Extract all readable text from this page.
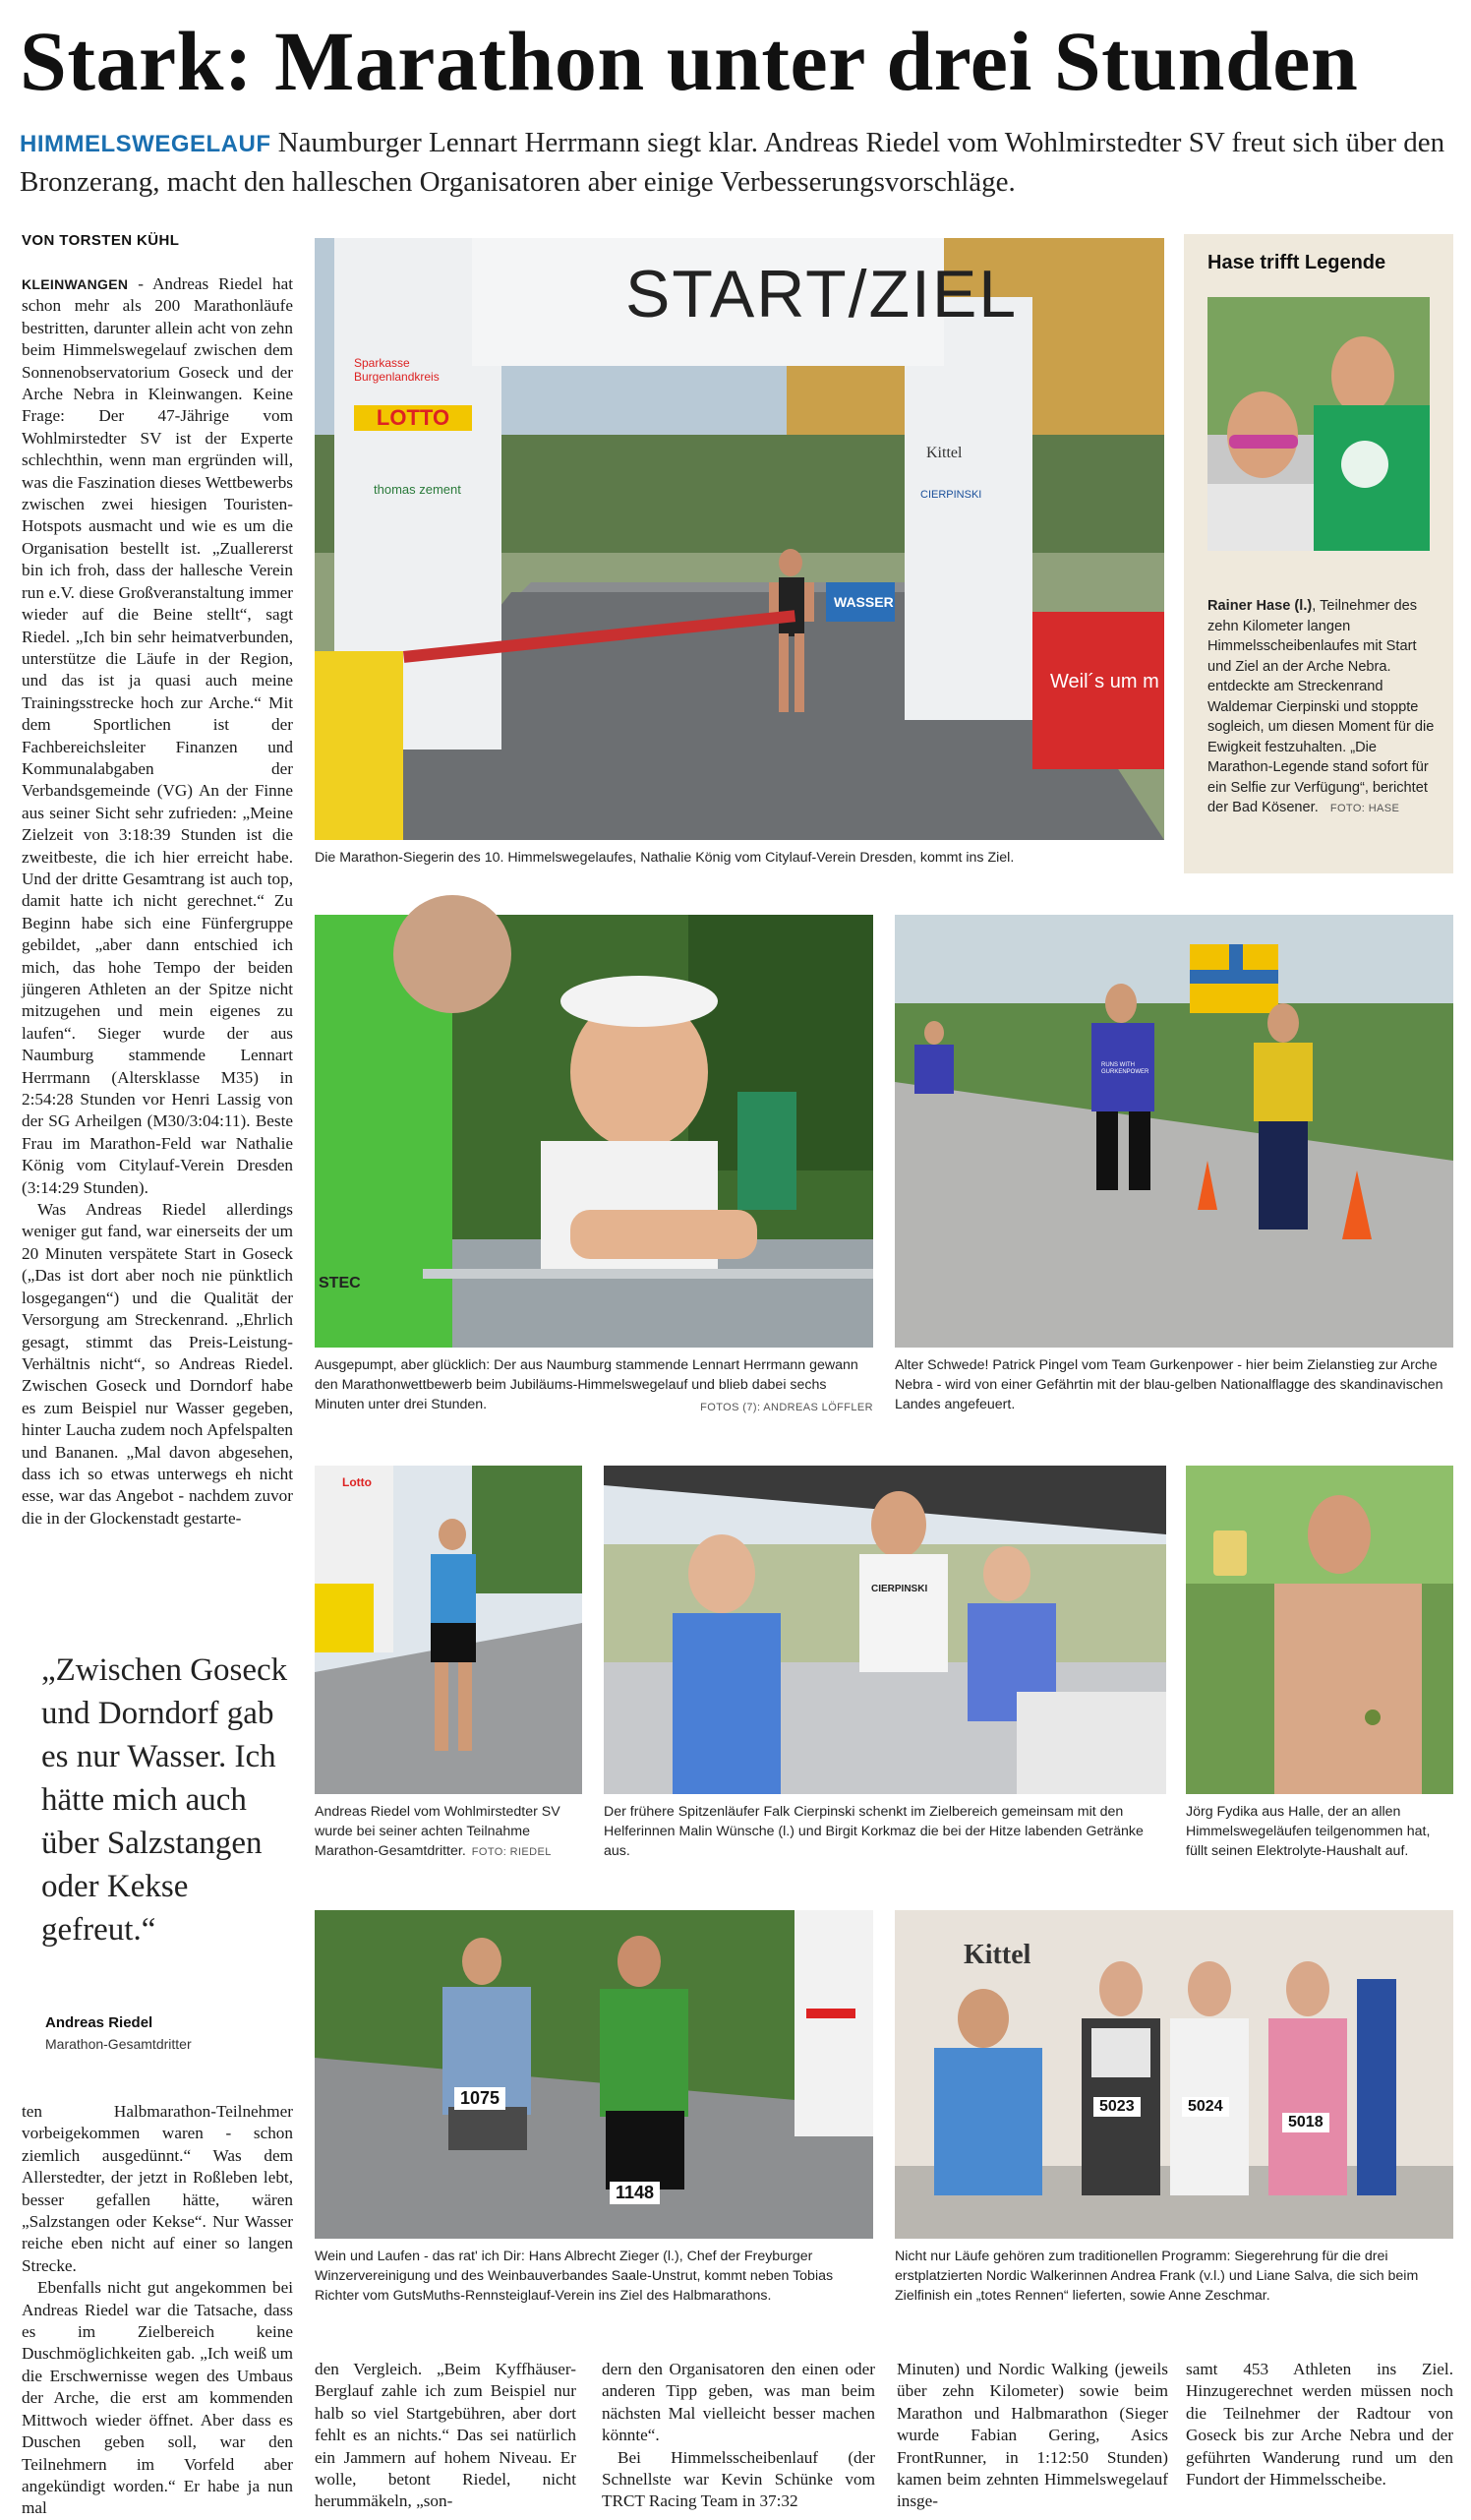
Stark: Marathon unter drei Stunden
HIMMELSWEGELAUF Naumburger Lennart Herrmann siegt klar. Andreas Riedel vom Wohlmirstedter SV freut sich über den Bronzerang, macht den halleschen Organisatoren aber einige Verbesserungsvorschläge.
VON TORSTEN KÜHL

KLEINWANGEN - Andreas Riedel hat schon mehr als 200 Marathonläufe bestritten, darunter allein acht von zehn beim Himmelswegelauf zwischen dem Sonnenobservatorium Goseck und der Arche Nebra in Kleinwangen. Keine Frage: Der 47-Jährige vom Wohlmirstedter SV ist der Experte schlechthin, wenn man ergründen will, was die Faszination dieses Wettbewerbs zwischen zwei hiesigen Touristen-Hotspots ausmacht und wie es um die Organisation bestellt ist. „Zuallererst bin ich froh, dass der hallesche Verein run e.V. diese Großveranstaltung immer wieder auf die Beine stellt“, sagt Riedel. „Ich bin sehr heimatverbunden, unterstütze die Läufe in der Region, und das ist ja quasi auch meine Trainingsstrecke hoch zur Arche.“ Mit dem Sportlichen ist der Fachbereichsleiter Finanzen und Kommunalabgaben der Verbandsgemeinde (VG) An der Finne aus seiner Sicht sehr zufrieden: „Meine Zielzeit von 3:18:39 Stunden ist die zweitbeste, die ich hier erreicht habe. Und der dritte Gesamtrang ist auch top, damit hatte ich nicht gerechnet.“ Zu Beginn habe sich eine Fünfergruppe gebildet, „aber dann entschied ich mich, das hohe Tempo der beiden jüngeren Athleten an der Spitze nicht mitzugehen und mein eigenes zu laufen“. Sieger wurde der aus Naumburg stammende Lennart Herrmann (Altersklasse M35) in 2:54:28 Stunden vor Henri Lassig von der SG Arheilgen (M30/3:04:11). Beste Frau im Marathon-Feld war Nathalie König vom Citylauf-Verein Dresden (3:14:29 Stunden).

Was Andreas Riedel allerdings weniger gut fand, war einerseits der um 20 Minuten verspätete Start in Goseck („Das ist dort aber noch nie pünktlich losgegangen“) und die Qualität der Versorgung am Streckenrand. „Ehrlich gesagt, stimmt das Preis-Leistung-Verhältnis nicht“, so Andreas Riedel. Zwischen Goseck und Dorndorf habe es zum Beispiel nur Wasser gegeben, hinter Laucha zudem noch Apfelspalten und Bananen. „Mal davon abgesehen, dass ich so etwas unterwegs eh nicht esse, war das Angebot - nachdem zuvor die in der Glockenstadt gestarte-

„Zwischen Goseck und Dorndorf gab es nur Wasser. Ich hätte mich auch über Salzstangen oder Kekse gefreut.“
Andreas Riedel
Marathon-Gesamtdritter

ten Halbmarathon-Teilnehmer vorbeigekommen waren - schon ziemlich ausgedünnt.“ Was dem Allerstedter, der jetzt in Roßleben lebt, besser gefallen hätte, wären „Salzstangen oder Kekse“. Nur Wasser reiche eben nicht auf einer so langen Strecke.

Ebenfalls nicht gut angekommen bei Andreas Riedel war die Tatsache, dass es im Zielbereich keine Duschmöglichkeiten gab. „Ich weiß um die Erschwernisse wegen des Umbaus der Arche, die erst am kommenden Mittwoch wieder öffnet. Aber dass es Duschen geben soll, war den Teilnehmern im Vorfeld aber angekündigt worden.“ Er habe ja nun mal

den Vergleich. „Beim Kyffhäuser-Berglauf zahle ich zum Beispiel nur halb so viel Startgebühren, aber dort fehlt es an nichts.“ Das sei natürlich ein Jammern auf hohem Niveau. Er wolle, betont Riedel, nicht herummäkeln, „son-

dern den Organisatoren den einen oder anderen Tipp geben, was man beim nächsten Mal vielleicht besser machen könnte“.

Bei Himmelsscheibenlauf (der Schnellste war Kevin Schünke vom TRCT Racing Team in 37:32

Minuten) und Nordic Walking (jeweils über zehn Kilometer) sowie beim Marathon und Halbmarathon (Sieger wurde Fabian Gering, Asics FrontRunner, in 1:12:50 Stunden) kamen beim zehnten Himmelswegelauf insge-

samt 453 Athleten ins Ziel. Hinzugerechnet werden müssen noch die Teilnehmer der Radtour von Goseck bis zur Arche Nebra und der geführten Wanderung rund um den Fundort der Himmelsscheibe.

START/ZIEL
Sparkasse Burgenlandkreis
LOTTO
thomas zement
Kittel
CIERPINSKI
WASSER
Weil´s um m
Die Marathon-Siegerin des 10. Himmelswegelaufes, Nathalie König vom Citylauf-Verein Dresden, kommt ins Ziel.
Hase trifft Legende
Rainer Hase (l.), Teilnehmer des zehn Kilometer langen Himmelsscheibenlaufes mit Start und Ziel an der Arche Nebra. entdeckte am Streckenrand Waldemar Cierpinski und stoppte sogleich, um diesen Moment für die Ewigkeit festzuhalten. „Die Marathon-Legende stand sofort für ein Selfie zur Verfügung“, berichtet der Bad Kösener. FOTO: HASE
STEC
Ausgepumpt, aber glücklich: Der aus Naumburg stammende Lennart Herrmann gewann den Marathonwettbewerb beim Jubiläums-Himmelswegelauf und blieb dabei sechs Minuten unter drei Stunden.	FOTOS (7): ANDREAS LÖFFLER
RUNS WITH GURKENPOWER
Alter Schwede! Patrick Pingel vom Team Gurkenpower - hier beim Zielanstieg zur Arche Nebra - wird von einer Gefährtin mit der blau-gelben Nationalflagge des skandinavischen Landes angefeuert.
Lotto
Andreas Riedel vom Wohlmirstedter SV wurde bei seiner achten Teilnahme Marathon-Gesamtdritter. FOTO: RIEDEL
CIERPINSKI
Der frühere Spitzenläufer Falk Cierpinski schenkt im Zielbereich gemeinsam mit den Helferinnen Malin Wünsche (l.) und Birgit Korkmaz die bei der Hitze labenden Getränke aus.
Jörg Fydika aus Halle, der an allen Himmelswegeläufen teilgenommen hat, füllt seinen Elektrolyte-Haushalt auf.
1075
1148
Wein und Laufen - das rat' ich Dir: Hans Albrecht Zieger (l.), Chef der Freyburger Winzervereinigung und des Weinbauverbandes Saale-Unstrut, kommt neben Tobias Richter vom GutsMuths-Rennsteiglauf-Verein ins Ziel des Halbmarathons.
Kittel
5023	5024
5018
Nicht nur Läufe gehören zum traditionellen Programm: Siegerehrung für die drei erstplatzierten Nordic Walkerinnen Andrea Frank (v.l.) und Liane Salva, die sich beim Zielfinish ein „totes Rennen“ lieferten, sowie Anne Zeschmar.
